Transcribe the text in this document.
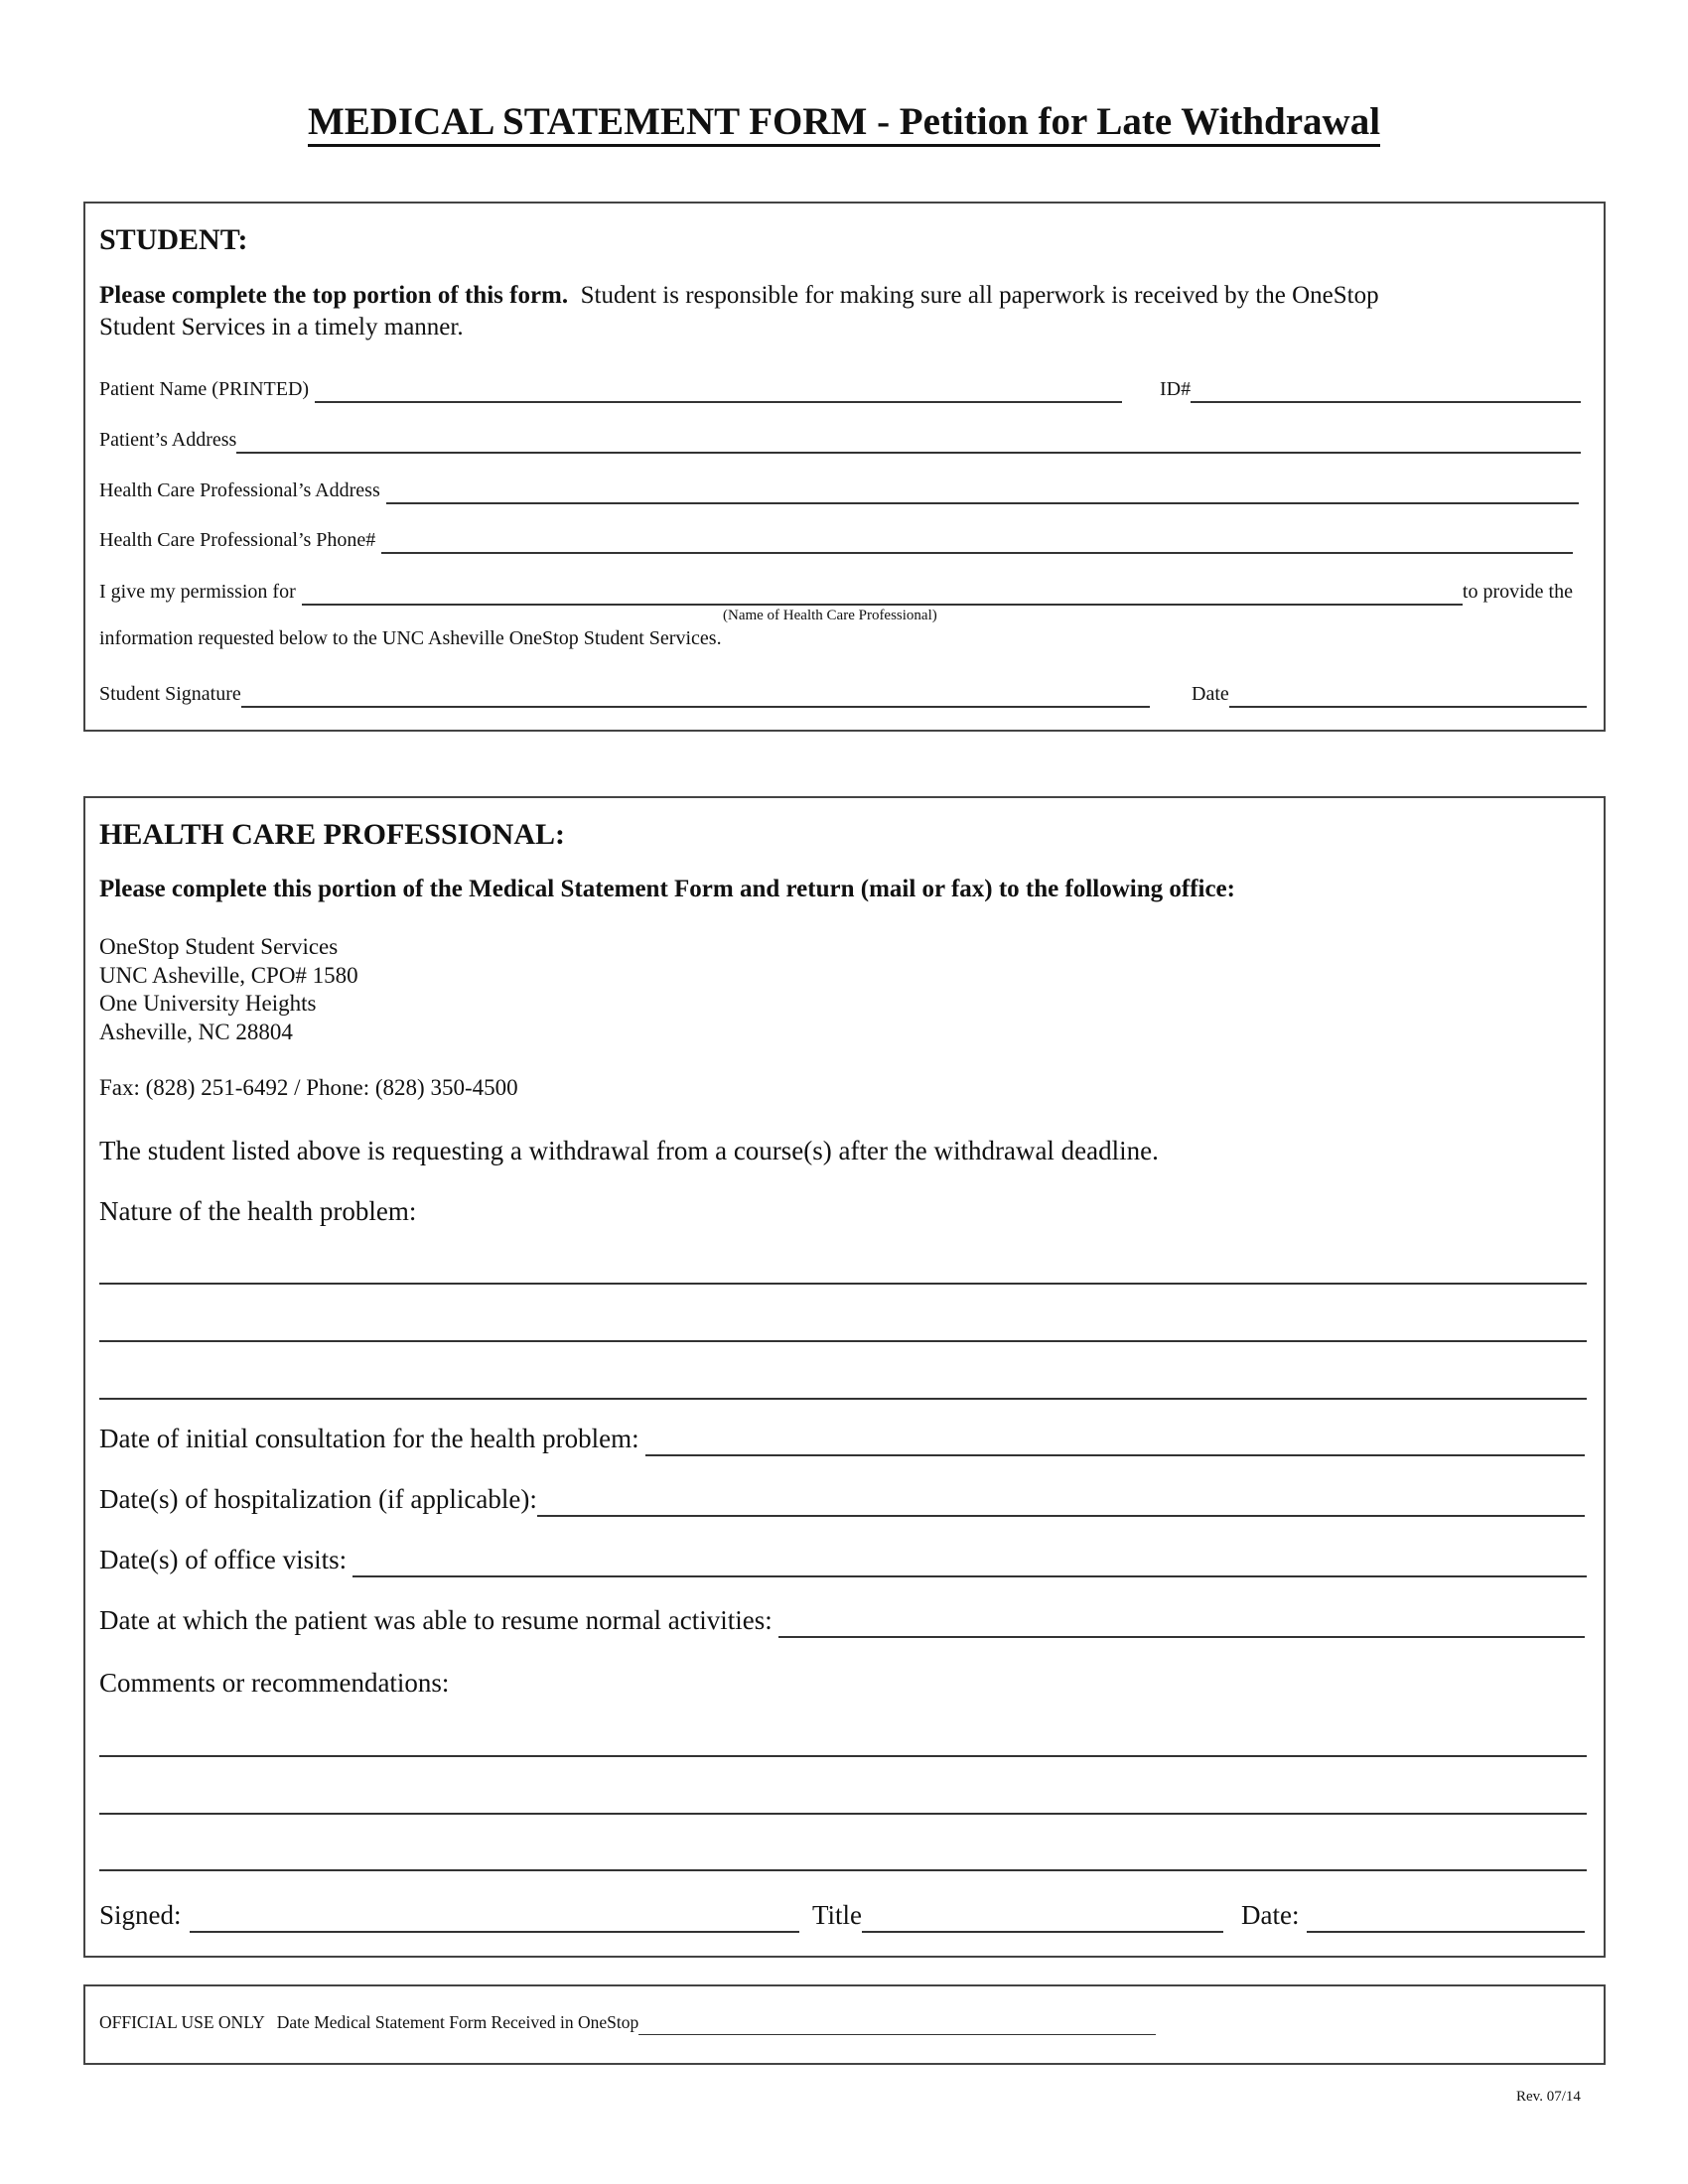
MEDICAL STATEMENT FORM - Petition for Late Withdrawal
STUDENT:
Please complete the top portion of this form. Student is responsible for making sure all paperwork is received by the OneStop
Student Services in a timely manner.
Patient Name (PRINTED)	ID#
Patient’s Address
Health Care Professional’s Address
Health Care Professional’s Phone#
I give my permission for	to provide the
(Name of Health Care Professional)
information requested below to the UNC Asheville OneStop Student Services.
Student Signature	Date
HEALTH CARE PROFESSIONAL:
Please complete this portion of the Medical Statement Form and return (mail or fax) to the following office:
OneStop Student Services
UNC Asheville, CPO# 1580
One University Heights
Asheville, NC 28804
Fax: (828) 251-6492 / Phone: (828) 350-4500
The student listed above is requesting a withdrawal from a course(s) after the withdrawal deadline.
Nature of the health problem:
Date of initial consultation for the health problem:
Date(s) of hospitalization (if applicable):
Date(s) of office visits:
Date at which the patient was able to resume normal activities:
Comments or recommendations:
Signed:	Title	Date:
OFFICIAL USE ONLY Date Medical Statement Form Received in OneStop
Rev. 07/14
